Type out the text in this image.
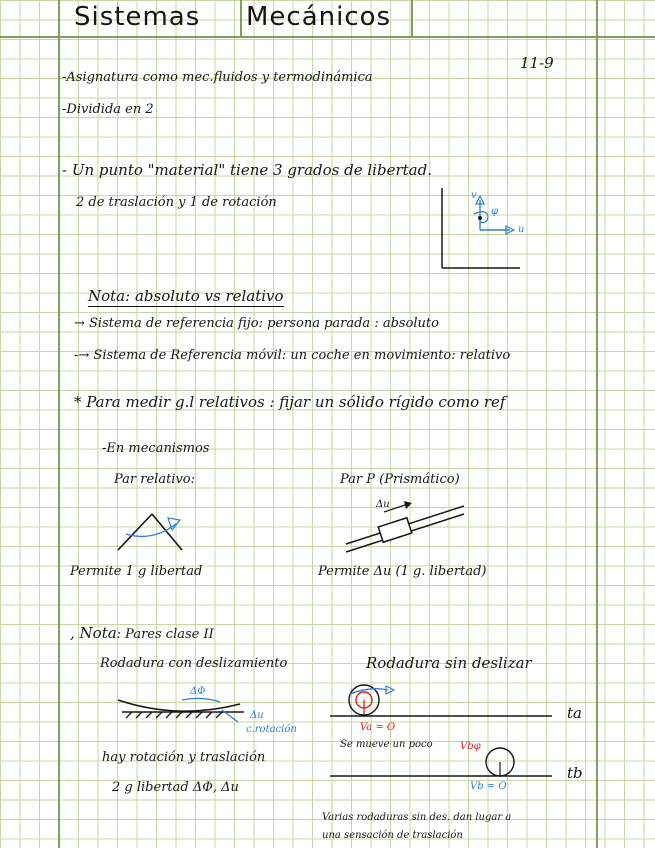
Sistemas Mecánicos
11-9
-Asignatura como mec.fluidos y termodinámica
-Dividida en 2
- Un punto "material" tiene 3 grados de libertad.
2 de traslación y 1 de rotación	v
u
φ
Nota: absoluto vs relativo
→ Sistema de referencia fijo: persona parada : absoluto
-→ Sistema de Referencia móvil: un coche en movimiento: relativo
* Para medir g.l relativos : fijar un sólido rígido como ref
-En mecanismos
Par relativo:	Par P (Prismático)
Δu
Permite 1 g libertad	Permite Δu (1 g. libertad)
, Nota: Pares clase II
Rodadura con deslizamiento	Rodadura sin deslizar
ΔΦ
Δu
c.rotación	Va = O
Se mueve un poco	Vbφ
Vb = O
ta
tb
hay rotación y traslación
2 g libertad ΔΦ, Δu
Varias rodaduras sin des. dan lugar a
una sensación de traslación
